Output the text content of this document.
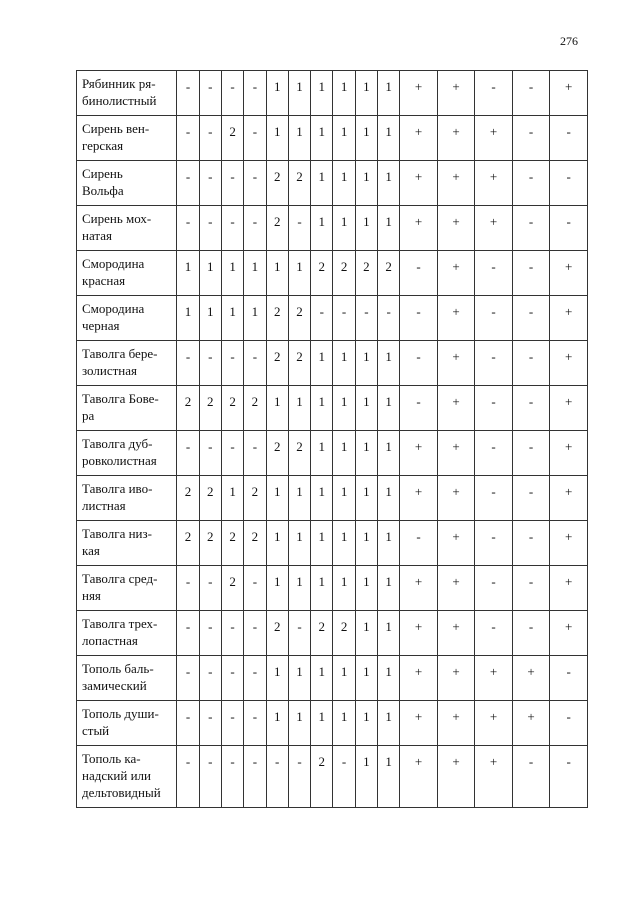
276
Рябинник ря-
бинолистный	-	-	-	-	1	1	1	1	1	1	+	+	-	-	+
Сирень вен-
герская	-	-	2	-	1	1	1	1	1	1	+	+	+	-	-
Сирень
Вольфа	-	-	-	-	2	2	1	1	1	1	+	+	+	-	-
Сирень мох-
натая	-	-	-	-	2	-	1	1	1	1	+	+	+	-	-
Смородина
красная	1	1	1	1	1	1	2	2	2	2	-	+	-	-	+
Смородина
черная	1	1	1	1	2	2	-	-	-	-	-	+	-	-	+
Таволга бере-
золистная	-	-	-	-	2	2	1	1	1	1	-	+	-	-	+
Таволга Бове-
ра	2	2	2	2	1	1	1	1	1	1	-	+	-	-	+
Таволга дуб-
ровколистная	-	-	-	-	2	2	1	1	1	1	+	+	-	-	+
Таволга иво-
листная	2	2	1	2	1	1	1	1	1	1	+	+	-	-	+
Таволга низ-
кая	2	2	2	2	1	1	1	1	1	1	-	+	-	-	+
Таволга сред-
няя	-	-	2	-	1	1	1	1	1	1	+	+	-	-	+
Таволга трех-
лопастная	-	-	-	-	2	-	2	2	1	1	+	+	-	-	+
Тополь баль-
замический	-	-	-	-	1	1	1	1	1	1	+	+	+	+	-
Тополь души-
стый	-	-	-	-	1	1	1	1	1	1	+	+	+	+	-
Тополь ка-
надский или
дельтовидный	-	-	-	-	-	-	2	-	1	1	+	+	+	-	-
